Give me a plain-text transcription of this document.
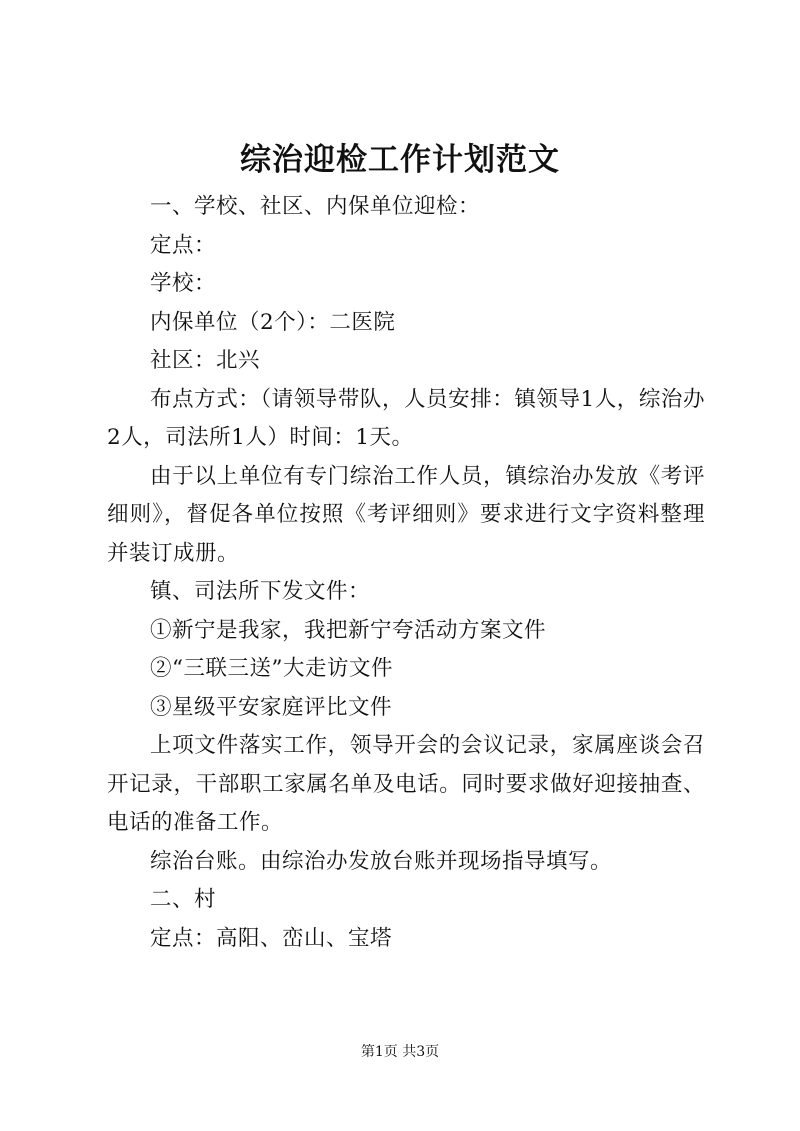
综治迎检工作计划范文

一、学校、社区、内保单位迎检：

定点：

学校：

内保单位（2个）：二医院

社区：北兴

布点方式：（请领导带队，人员安排：镇领导1人，综治办2人，司法所1人）时间：1天。

由于以上单位有专门综治工作人员，镇综治办发放《考评细则》，督促各单位按照《考评细则》要求进行文字资料整理并装订成册。

镇、司法所下发文件：

①新宁是我家，我把新宁夸活动方案文件

②“三联三送”大走访文件

③星级平安家庭评比文件

上项文件落实工作，领导开会的会议记录，家属座谈会召开记录，干部职工家属名单及电话。同时要求做好迎接抽查、电话的准备工作。

综治台账。由综治办发放台账并现场指导填写。

二、村

定点：高阳、峦山、宝塔

第1页 共3页
